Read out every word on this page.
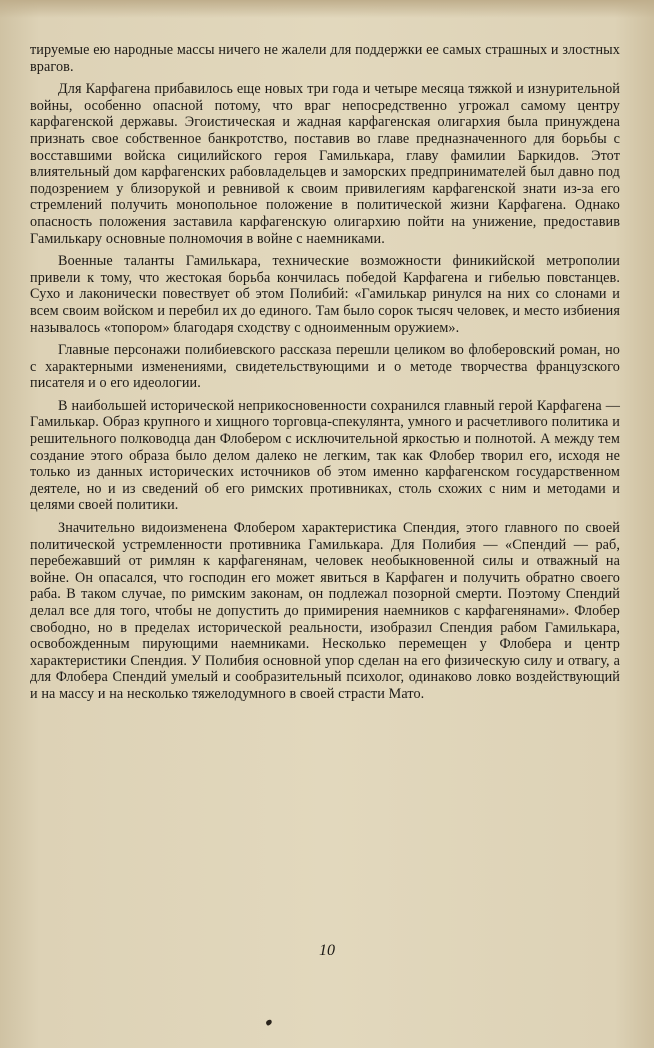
тируемые ею народные массы ничего не жалели для поддержки ее самых страшных и злостных врагов.

Для Карфагена прибавилось еще новых три года и четыре месяца тяжкой и изнурительной войны, особенно опасной потому, что враг непосредственно угрожал самому центру карфагенской державы. Эгоистическая и жадная карфагенская олигархия была принуждена признать свое собственное банкротство, поставив во главе предназначенного для борьбы с восставшими войска сицилийского героя Гамилькара, главу фамилии Баркидов. Этот влиятельный дом карфагенских рабовладельцев и заморских предпринимателей был давно под подозрением у близорукой и ревнивой к своим привилегиям карфагенской знати из-за его стремлений получить монопольное положение в политической жизни Карфагена. Однако опасность положения заставила карфагенскую олигархию пойти на унижение, предоставив Гамилькару основные полномочия в войне с наемниками.

Военные таланты Гамилькара, технические возможности финикийской метрополии привели к тому, что жестокая борьба кончилась победой Карфагена и гибелью повстанцев. Сухо и лаконически повествует об этом Полибий: «Гамилькар ринулся на них со слонами и всем своим войском и перебил их до единого. Там было сорок тысяч человек, и место избиения называлось «топором» благодаря сходству с одноименным оружием».

Главные персонажи полибиевского рассказа перешли целиком во флоберовский роман, но с характерными изменениями, свидетельствующими и о методе творчества французского писателя и о его идеологии.

В наибольшей исторической неприкосновенности сохранился главный герой Карфагена — Гамилькар. Образ крупного и хищного торговца-спекулянта, умного и расчетливого политика и решительного полководца дан Флобером с исключительной яркостью и полнотой. А между тем создание этого образа было делом далеко не легким, так как Флобер творил его, исходя не только из данных исторических источников об этом именно карфагенском государственном деятеле, но и из сведений об его римских противниках, столь схожих с ним и методами и целями своей политики.

Значительно видоизменена Флобером характеристика Спендия, этого главного по своей политической устремленности противника Гамилькара. Для Полибия — «Спендий — раб, перебежавший от римлян к карфагенянам, человек необыкновенной силы и отважный на войне. Он опасался, что господин его может явиться в Карфаген и получить обратно своего раба. В таком случае, по римским законам, он подлежал позорной смерти. Поэтому Спендий делал все для того, чтобы не допустить до примирения наемников с карфагенянами». Флобер свободно, но в пределах исторической реальности, изобразил Спендия рабом Гамилькара, освобожденным пирующими наемниками. Несколько перемещен у Флобера и центр характеристики Спендия. У Полибия основной упор сделан на его физическую силу и отвагу, а для Флобера Спендий умелый и сообразительный психолог, одинаково ловко воздействующий и на массу и на несколько тяжелодумного в своей страсти Мато.

10
